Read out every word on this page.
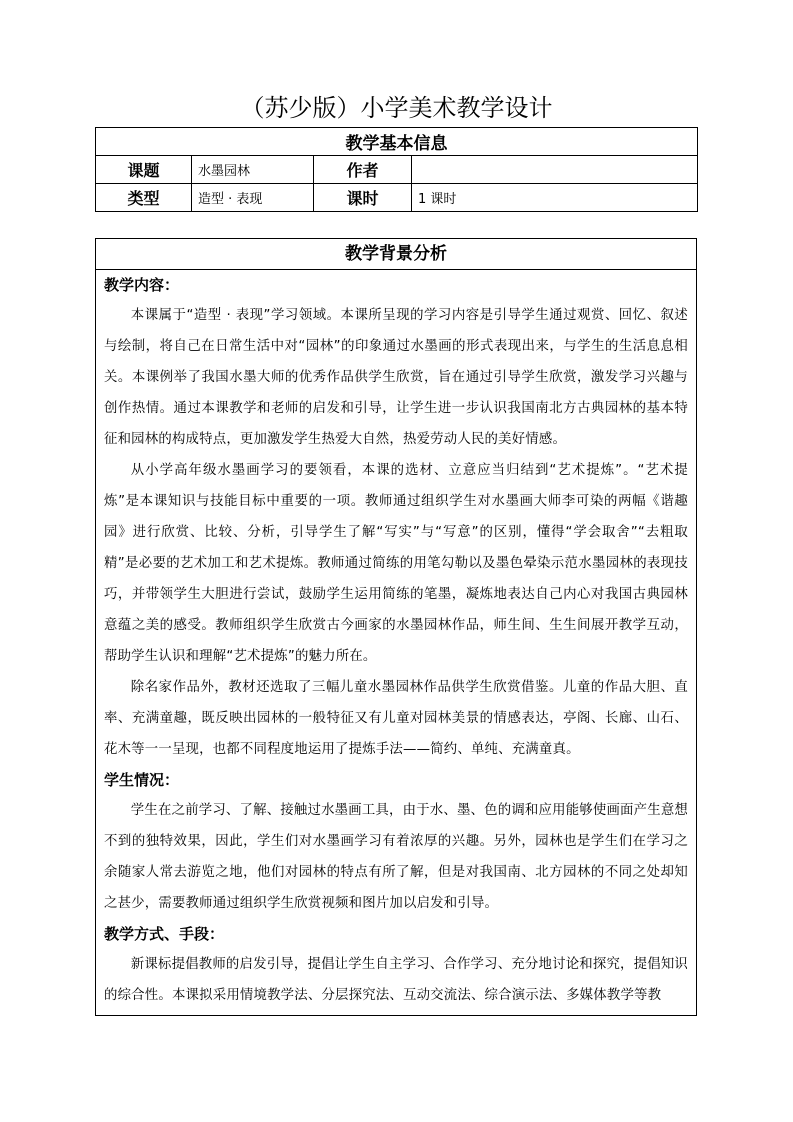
（苏少版）小学美术教学设计
教学基本信息			
课题	水墨园林	作者	
类型	造型 · 表现	课时	1 课时
教学背景分析

教学内容：

本课属于“造型 · 表现”学习领域。本课所呈现的学习内容是引导学生通过观赏、回忆、叙述与绘制，将自己在日常生活中对“园林”的印象通过水墨画的形式表现出来，与学生的生活息息相关。本课例举了我国水墨大师的优秀作品供学生欣赏，旨在通过引导学生欣赏，激发学习兴趣与创作热情。通过本课教学和老师的启发和引导，让学生进一步认识我国南北方古典园林的基本特征和园林的构成特点，更加激发学生热爱大自然，热爱劳动人民的美好情感。

从小学高年级水墨画学习的要领看，本课的选材、立意应当归结到“艺术提炼”。“艺术提炼”是本课知识与技能目标中重要的一项。教师通过组织学生对水墨画大师李可染的两幅《谐趣园》进行欣赏、比较、分析，引导学生了解“写实”与“写意”的区别，懂得“学会取舍”“去粗取精”是必要的艺术加工和艺术提炼。教师通过简练的用笔勾勒以及墨色晕染示范水墨园林的表现技巧，并带领学生大胆进行尝试，鼓励学生运用简练的笔墨，凝炼地表达自己内心对我国古典园林意蕴之美的感受。教师组织学生欣赏古今画家的水墨园林作品，师生间、生生间展开教学互动，帮助学生认识和理解“艺术提炼”的魅力所在。

除名家作品外，教材还选取了三幅儿童水墨园林作品供学生欣赏借鉴。儿童的作品大胆、直率、充满童趣，既反映出园林的一般特征又有儿童对园林美景的情感表达，亭阁、长廊、山石、花木等一一呈现，也都不同程度地运用了提炼手法——简约、单纯、充满童真。

学生情况：

学生在之前学习、了解、接触过水墨画工具，由于水、墨、色的调和应用能够使画面产生意想不到的独特效果，因此，学生们对水墨画学习有着浓厚的兴趣。另外，园林也是学生们在学习之余随家人常去游览之地，他们对园林的特点有所了解，但是对我国南、北方园林的不同之处却知之甚少，需要教师通过组织学生欣赏视频和图片加以启发和引导。

教学方式、手段：

新课标提倡教师的启发引导，提倡让学生自主学习、合作学习、充分地讨论和探究，提倡知识的综合性。本课拟采用情境教学法、分层探究法、互动交流法、综合演示法、多媒体教学等教
